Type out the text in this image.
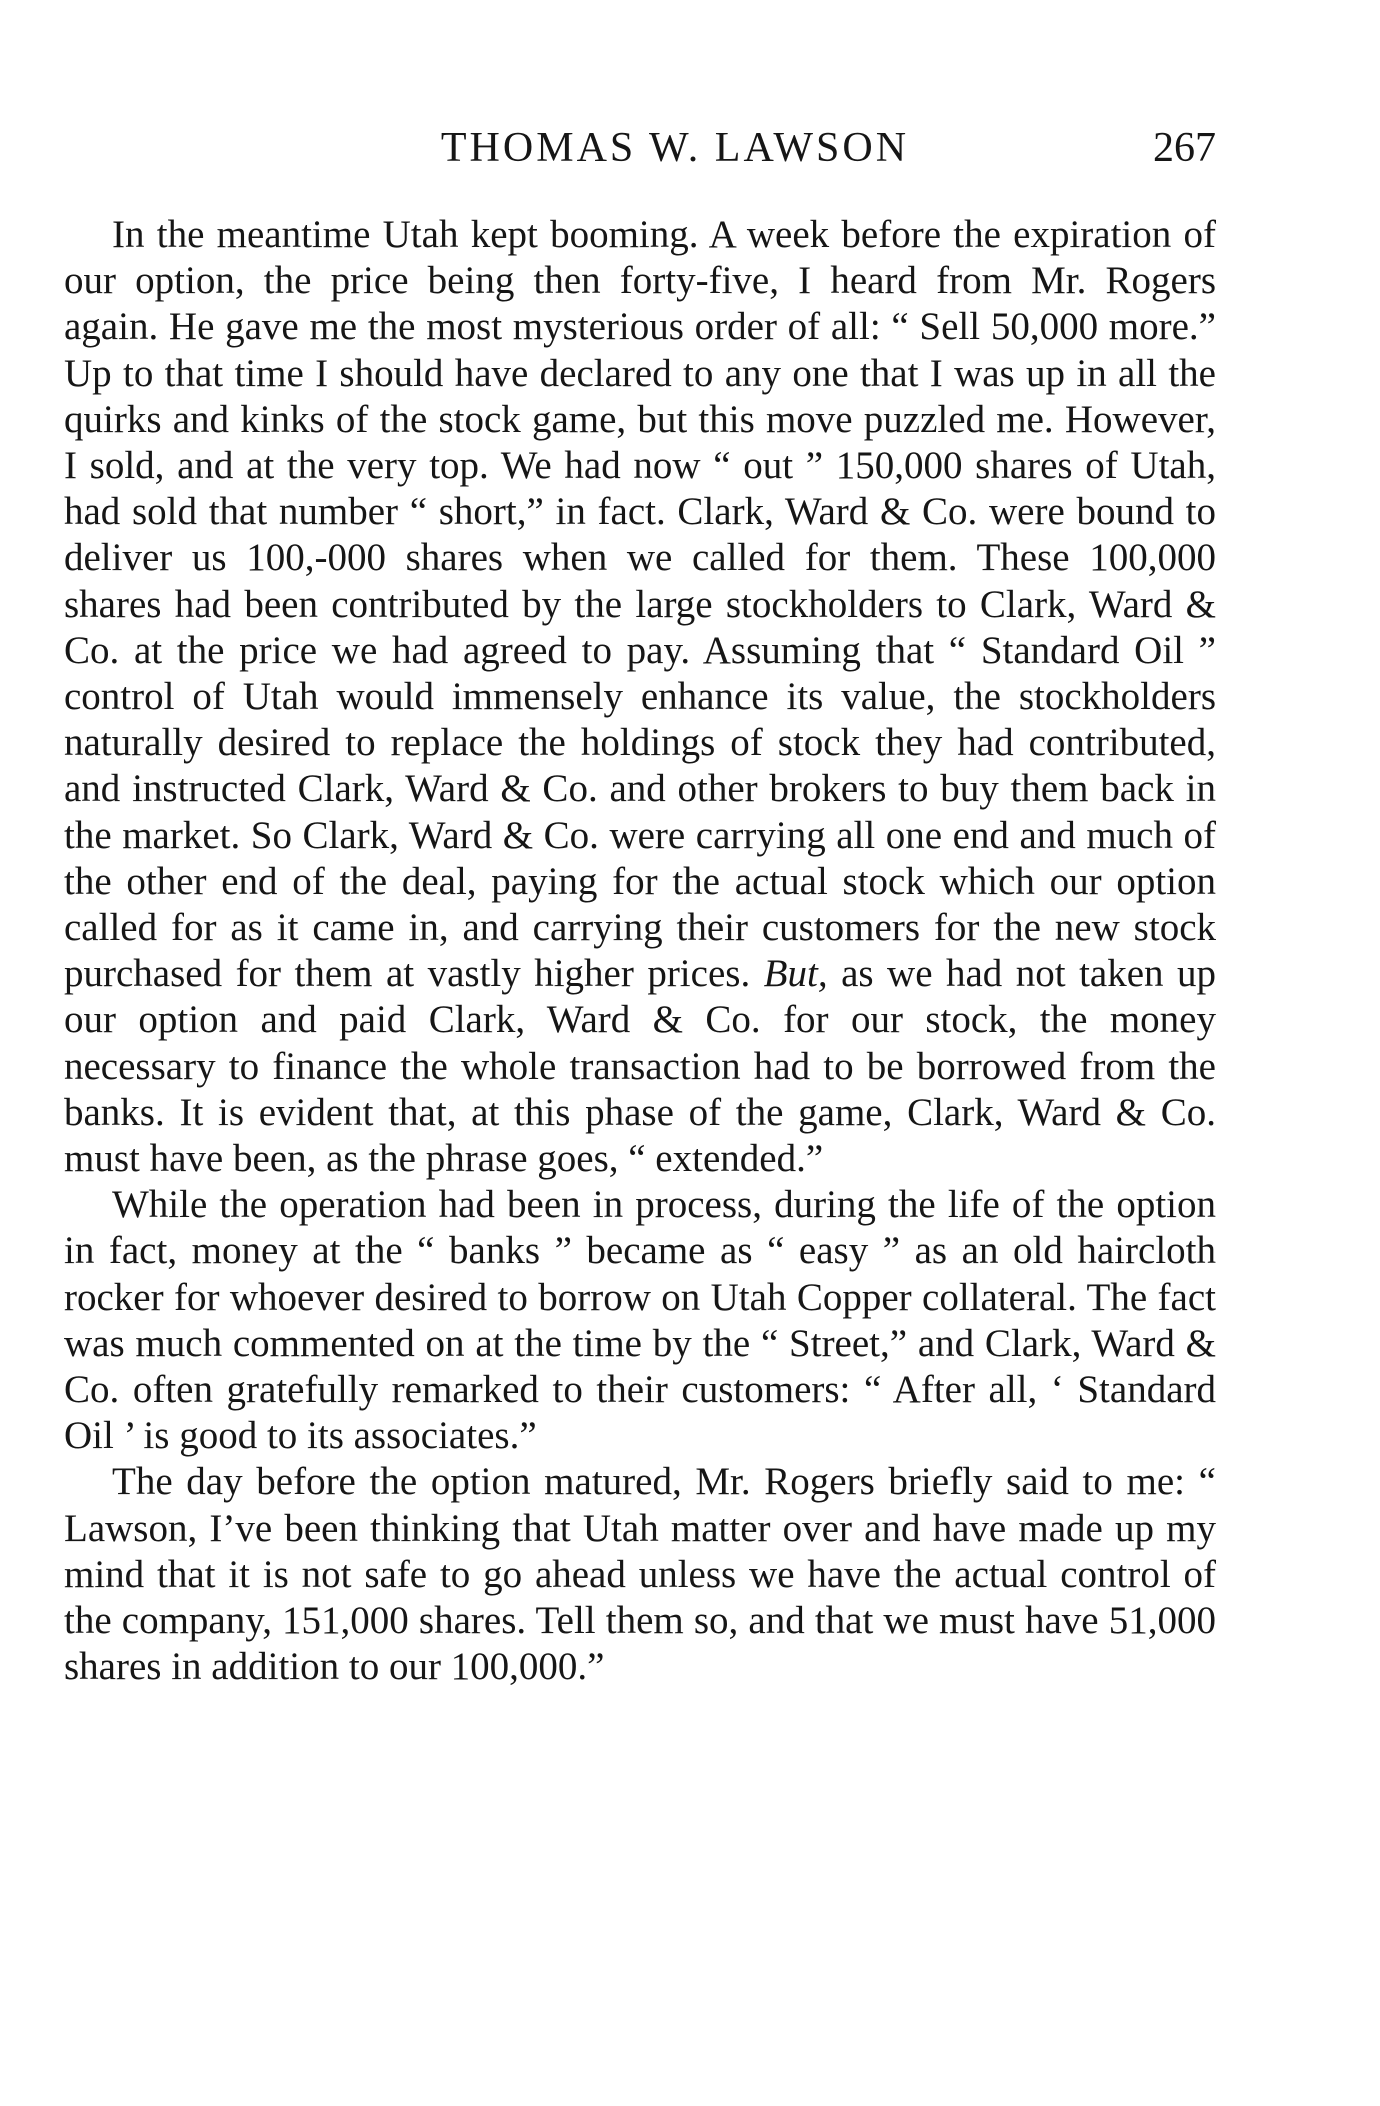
THOMAS W. LAWSON	267

In the meantime Utah kept booming. A week before the expiration of our option, the price being then forty-five, I heard from Mr. Rogers again. He gave me the most mysterious order of all: “ Sell 50,000 more.” Up to that time I should have declared to any one that I was up in all the quirks and kinks of the stock game, but this move puzzled me. However, I sold, and at the very top. We had now “ out ” 150,000 shares of Utah, had sold that number “ short,” in fact. Clark, Ward & Co. were bound to deliver us 100,-000 shares when we called for them. These 100,000 shares had been contributed by the large stockholders to Clark, Ward & Co. at the price we had agreed to pay. Assuming that “ Standard Oil ” control of Utah would immensely enhance its value, the stockholders naturally desired to replace the holdings of stock they had contributed, and instructed Clark, Ward & Co. and other brokers to buy them back in the market. So Clark, Ward & Co. were carrying all one end and much of the other end of the deal, paying for the actual stock which our option called for as it came in, and carrying their customers for the new stock purchased for them at vastly higher prices. But, as we had not taken up our option and paid Clark, Ward & Co. for our stock, the money necessary to finance the whole transaction had to be borrowed from the banks. It is evident that, at this phase of the game, Clark, Ward & Co. must have been, as the phrase goes, “ extended.”

While the operation had been in process, during the life of the option in fact, money at the “ banks ” became as “ easy ” as an old haircloth rocker for whoever desired to borrow on Utah Copper collateral. The fact was much commented on at the time by the “ Street,” and Clark, Ward & Co. often gratefully remarked to their customers: “ After all, ‘ Standard Oil ’ is good to its associates.”

The day before the option matured, Mr. Rogers briefly said to me: “ Lawson, I’ve been thinking that Utah matter over and have made up my mind that it is not safe to go ahead unless we have the actual control of the company, 151,000 shares. Tell them so, and that we must have 51,000 shares in addition to our 100,000.”
